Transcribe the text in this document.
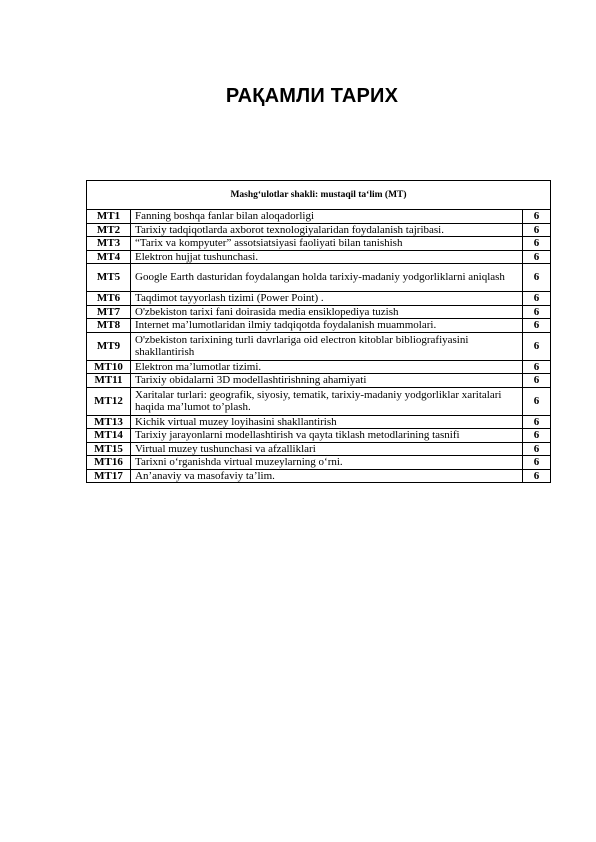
РАҚАМЛИ ТАРИХ
Mashg‘ulotlar shakli: mustaqil ta‘lim (MT)
MT1	Fanning boshqa fanlar bilan aloqadorligi	6
MT2	Tarixiy tadqiqotlarda axborot texnologiyalaridan foydalanish tajribasi.	6
MT3	“Tarix va kompyuter” assotsiatsiyasi faoliyati bilan tanishish	6
MT4	Elektron hujjat tushunchasi.	6
MT5	Google Earth dasturidan foydalangan holda tarixiy-madaniy yodgorliklarni aniqlash	6
MT6	Taqdimot tayyorlash tizimi (Power Point) .	6
MT7	O'zbekiston tarixi fani doirasida media ensiklopediya tuzish	6
MT8	Internet ma’lumotlaridan ilmiy tadqiqotda foydalanish muammolari.	6
MT9	O'zbekiston tarixining turli davrlariga oid electron kitoblar bibliografiyasini shakllantirish	6
MT10	Elektron ma’lumotlar tizimi.	6
MT11	Tarixiy obidalarni 3D modellashtirishning ahamiyati	6
MT12	Xaritalar turlari: geografik, siyosiy, tematik, tarixiy-madaniy yodgorliklar xaritalari haqida ma’lumot to’plash.	6
MT13	Kichik virtual muzey loyihasini shakllantirish	6
MT14	Tarixiy jarayonlarni modellashtirish va qayta tiklash metodlarining tasnifi	6
MT15	Virtual muzey tushunchasi va afzalliklari	6
MT16	Tarixni o‘rganishda virtual muzeylarning o‘rni.	6
MT17	An’anaviy va masofaviy ta’lim.	6
